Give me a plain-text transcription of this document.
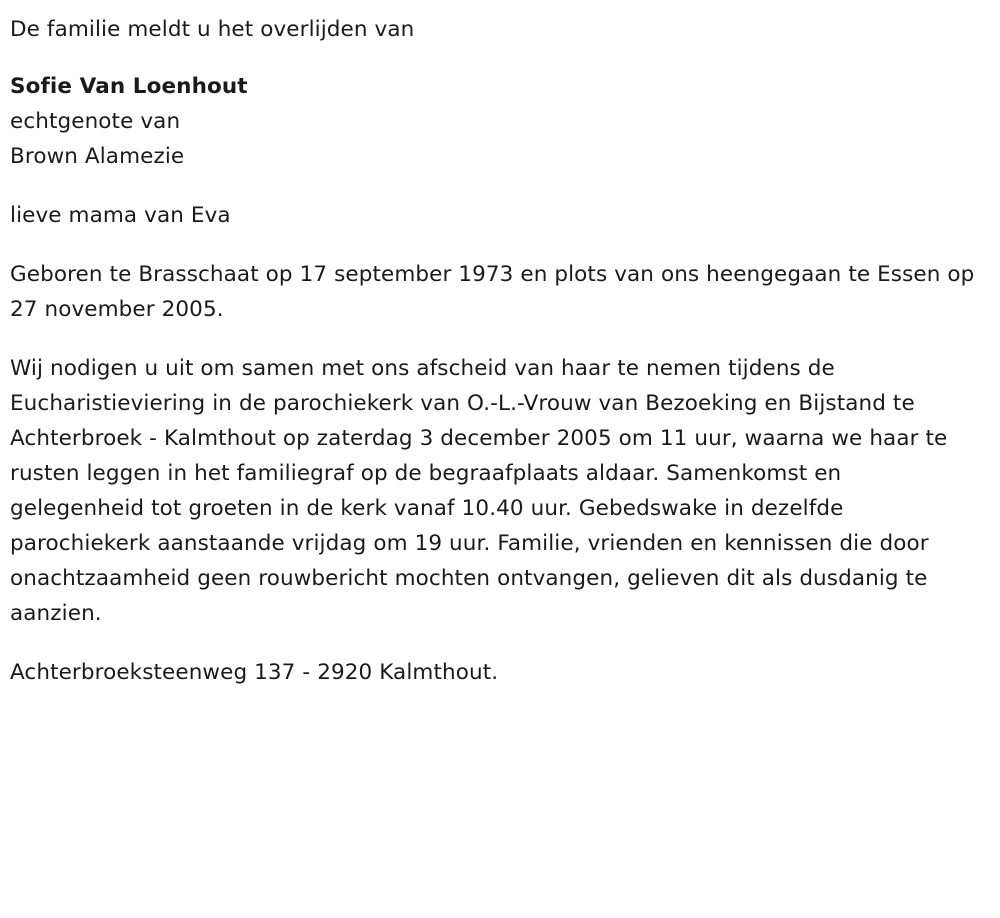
De familie meldt u het overlijden van

Sofie Van Loenhout

echtgenote van

Brown Alamezie

lieve mama van Eva

Geboren te Brasschaat op 17 september 1973 en plots van ons heengegaan te Essen op 27 november 2005.

Wij nodigen u uit om samen met ons afscheid van haar te nemen tijdens de Eucharistieviering in de parochiekerk van O.-L.-Vrouw van Bezoeking en Bijstand te Achterbroek - Kalmthout op zaterdag 3 december 2005 om 11 uur, waarna we haar te rusten leggen in het familiegraf op de begraafplaats aldaar. Samenkomst en gelegenheid tot groeten in de kerk vanaf 10.40 uur. Gebedswake in dezelfde parochiekerk aanstaande vrijdag om 19 uur. Familie, vrienden en kennissen die door onachtzaamheid geen rouwbericht mochten ontvangen, gelieven dit als dusdanig te aanzien.

Achterbroeksteenweg 137 - 2920 Kalmthout.
